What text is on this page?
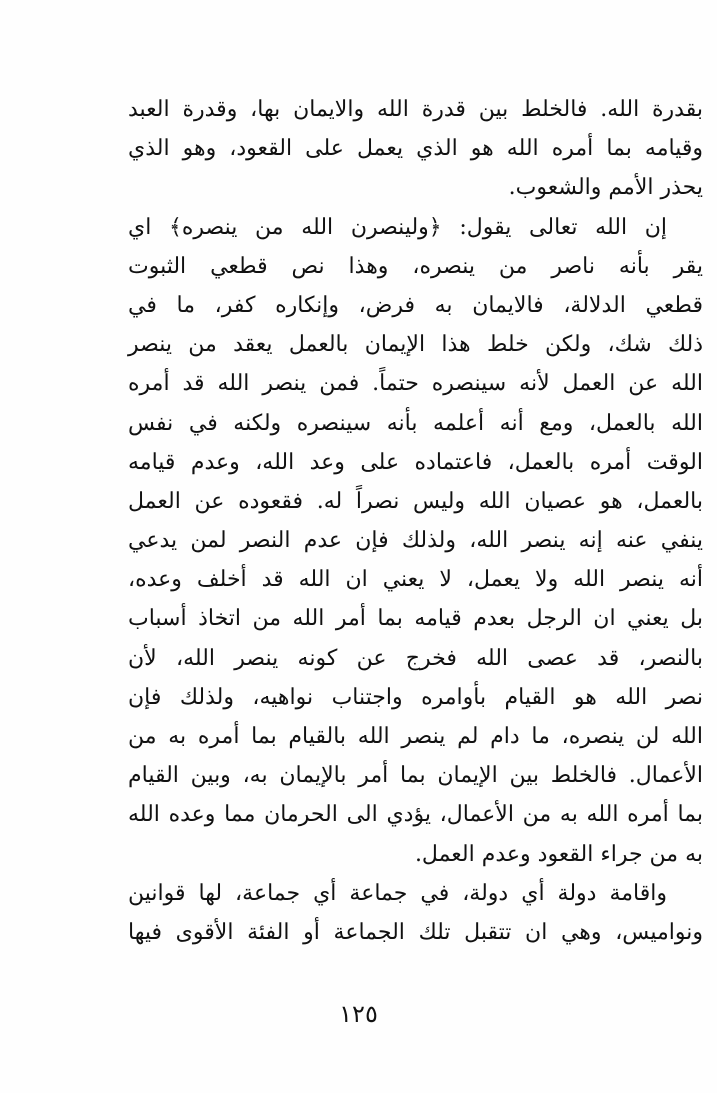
بقدرة الله. فالخلط بين قدرة الله والايمان بها، وقدرة العبد
وقيامه بما أمره الله هو الذي يعمل على القعود، وهو الذي
يحذر الأمم والشعوب.
إن الله تعالى يقول: ﴿ولينصرن الله من ينصره﴾ اي
يقر بأنه ناصر من ينصره، وهذا نص قطعي الثبوت
قطعي الدلالة، فالايمان به فرض، وإنكاره كفر، ما في
ذلك شك، ولكن خلط هذا الإيمان بالعمل يعقد من ينصر
الله عن العمل لأنه سينصره حتماً. فمن ينصر الله قد أمره
الله بالعمل، ومع أنه أعلمه بأنه سينصره ولكنه في نفس
الوقت أمره بالعمل، فاعتماده على وعد الله، وعدم قيامه
بالعمل، هو عصيان الله وليس نصراً له. فقعوده عن العمل
ينفي عنه إنه ينصر الله، ولذلك فإن عدم النصر لمن يدعي
أنه ينصر الله ولا يعمل، لا يعني ان الله قد أخلف وعده،
بل يعني ان الرجل بعدم قيامه بما أمر الله من اتخاذ أسباب
بالنصر، قد عصى الله فخرج عن كونه ينصر الله، لأن
نصر الله هو القيام بأوامره واجتناب نواهيه، ولذلك فإن
الله لن ينصره، ما دام لم ينصر الله بالقيام بما أمره به من
الأعمال. فالخلط بين الإيمان بما أمر بالإيمان به، وبين القيام
بما أمره الله به من الأعمال، يؤدي الى الحرمان مما وعده الله
به من جراء القعود وعدم العمل.
واقامة دولة أي دولة، في جماعة أي جماعة، لها قوانين
ونواميس، وهي ان تتقبل تلك الجماعة أو الفئة الأقوى فيها
١٢٥
